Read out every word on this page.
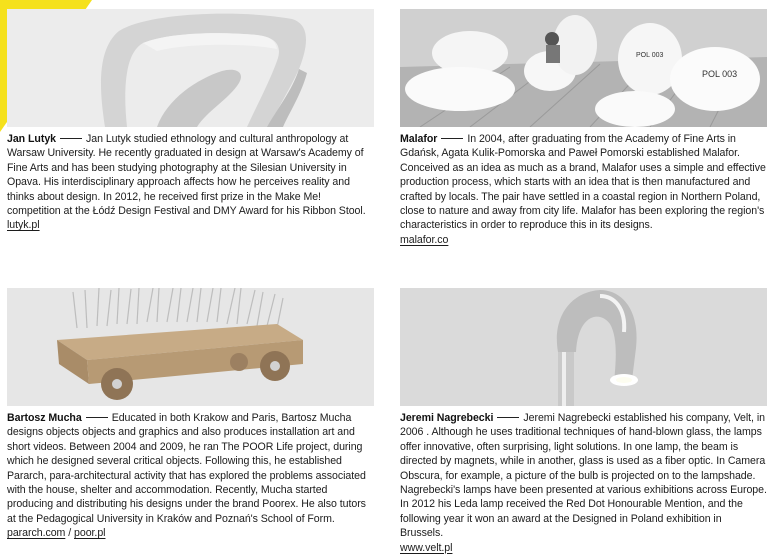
Jan Lutyk	Jan Lutyk studied ethnology and cultural anthropology at Warsaw University. He recently graduated in design at Warsaw's Academy of Fine Arts and has been studying photography at the Silesian University in Opava. His interdisciplinary approach affects how he perceives reality and thinks about design. In 2012, he received first prize in the Make Me! competition at the Łódź Design Festival and DMY Award for his Ribbon Stool.
lutyk.pl
POL 003
POL 003
Malafor	In 2004, after graduating from the Academy of Fine Arts in Gdańsk, Agata Kulik-Pomorska and Paweł Pomorski established Malafor. Conceived as an idea as much as a brand, Malafor uses a simple and effective production process, which starts with an idea that is then manufactured and crafted by locals. The pair have settled in a coastal region in Northern Poland, close to nature and away from city life. Malafor has been exploring the region's characteristics in order to reproduce this in its designs.
malafor.co
Bartosz Mucha	Educated in both Krakow and Paris, Bartosz Mucha designs objects objects and graphics and also produces installation art and short videos. Between 2004 and 2009, he ran The POOR Life project, during which he designed several critical objects. Following this, he established Pararch, para-architectural activity that has explored the problems associated with the house, shelter and accommodation. Recently, Mucha started producing and distributing his designs under the brand Poorex. He also tutors at the Pedagogical University in Kraków and Poznań's School of Form.
pararch.com / poor.pl
Jeremi Nagrebecki	Jeremi Nagrebecki established his company, Velt, in 2006 . Although he uses traditional techniques of hand-blown glass, the lamps offer innovative, often surprising, light solutions. In one lamp, the beam is directed by magnets, while in another, glass is used as a fiber optic. In Camera Obscura, for example, a picture of the bulb is projected on to the lampshade. Nagrebecki's lamps have been presented at various exhibitions across Europe. In 2012 his Leda lamp received the Red Dot Honourable Mention, and the following year it won an award at the Designed in Poland exhibition in Brussels.
www.velt.pl
